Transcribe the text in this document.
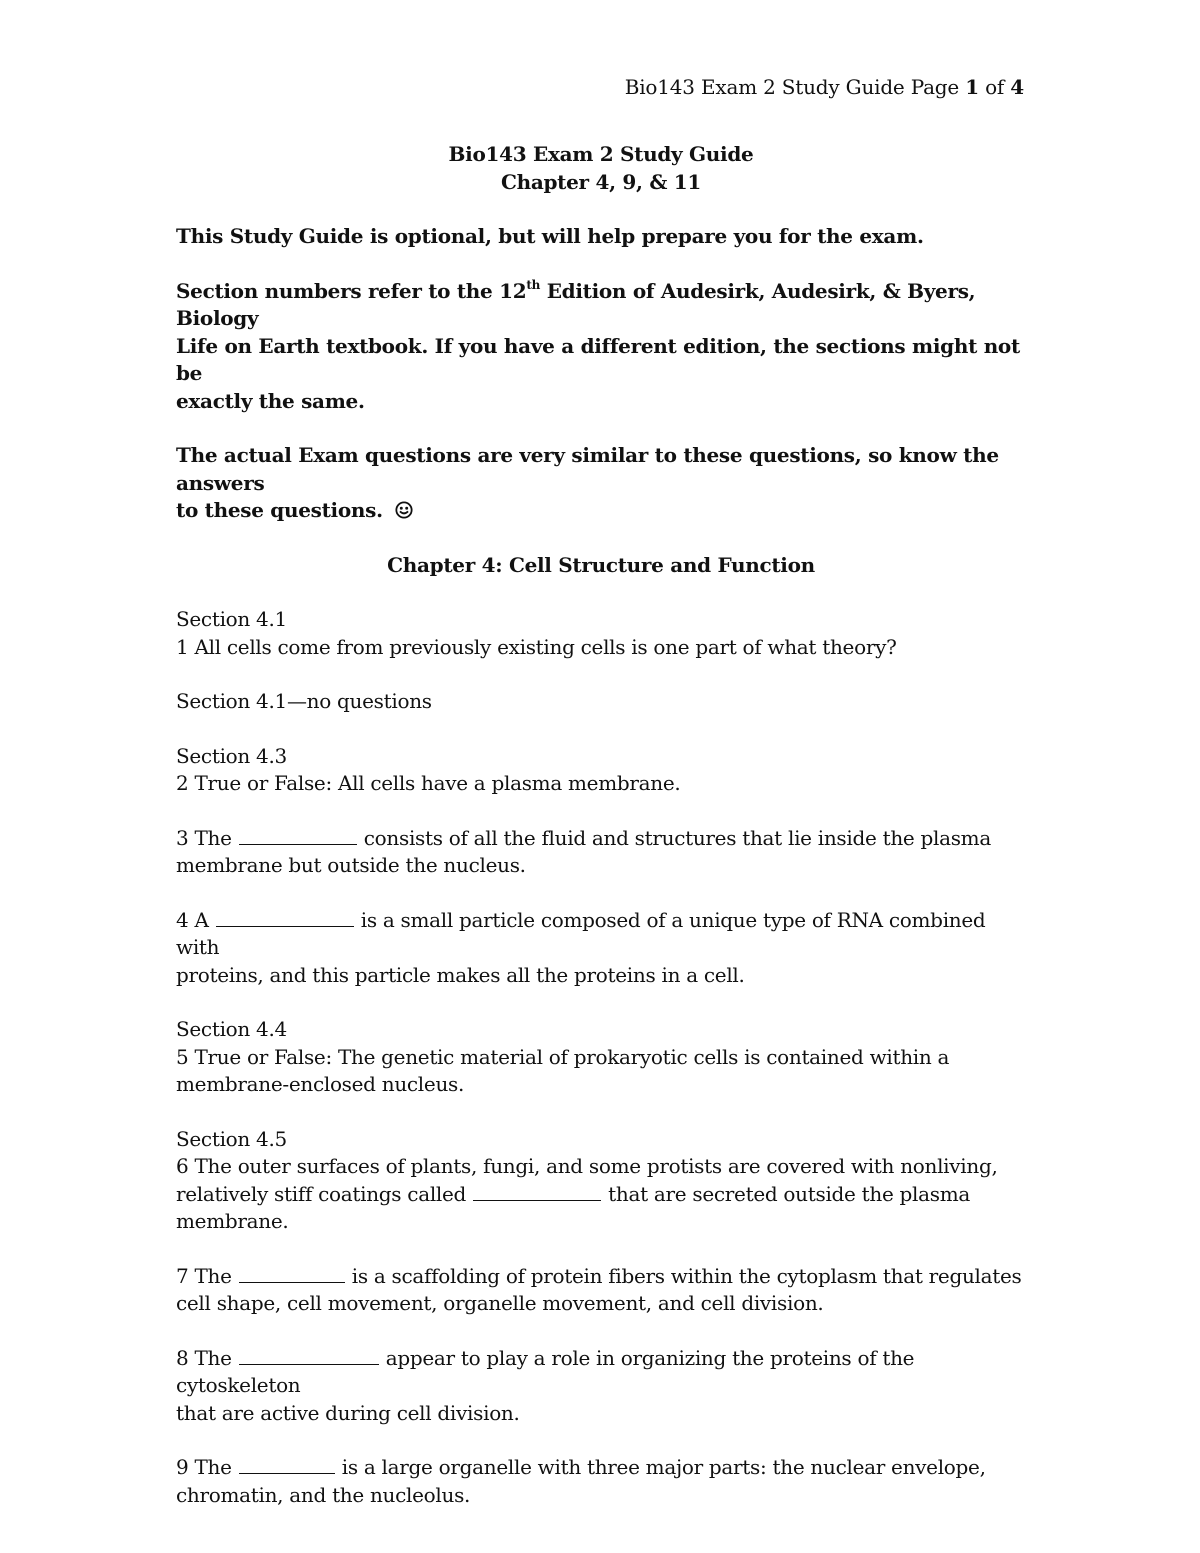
Bio143 Exam 2 Study Guide Page 1 of 4
Bio143 Exam 2 Study Guide
Chapter 4, 9, & 11
This Study Guide is optional, but will help prepare you for the exam.
Section numbers refer to the 12th Edition of Audesirk, Audesirk, & Byers, Biology
Life on Earth textbook. If you have a different edition, the sections might not be
exactly the same.
The actual Exam questions are very similar to these questions, so know the answers
to these questions.
Chapter 4: Cell Structure and Function
Section 4.1
1 All cells come from previously existing cells is one part of what theory?
Section 4.1—no questions
Section 4.3
2 True or False: All cells have a plasma membrane.
3 The	consists of all the fluid and structures that lie inside the plasma
membrane but outside the nucleus.
4 A	is a small particle composed of a unique type of RNA combined with
proteins, and this particle makes all the proteins in a cell.
Section 4.4
5 True or False: The genetic material of prokaryotic cells is contained within a
membrane-enclosed nucleus.
Section 4.5
6 The outer surfaces of plants, fungi, and some protists are covered with nonliving,
relatively stiff coatings called	that are secreted outside the plasma
membrane.
7 The	is a scaffolding of protein fibers within the cytoplasm that regulates
cell shape, cell movement, organelle movement, and cell division.
8 The	appear to play a role in organizing the proteins of the cytoskeleton
that are active during cell division.
9 The	is a large organelle with three major parts: the nuclear envelope,
chromatin, and the nucleolus.
